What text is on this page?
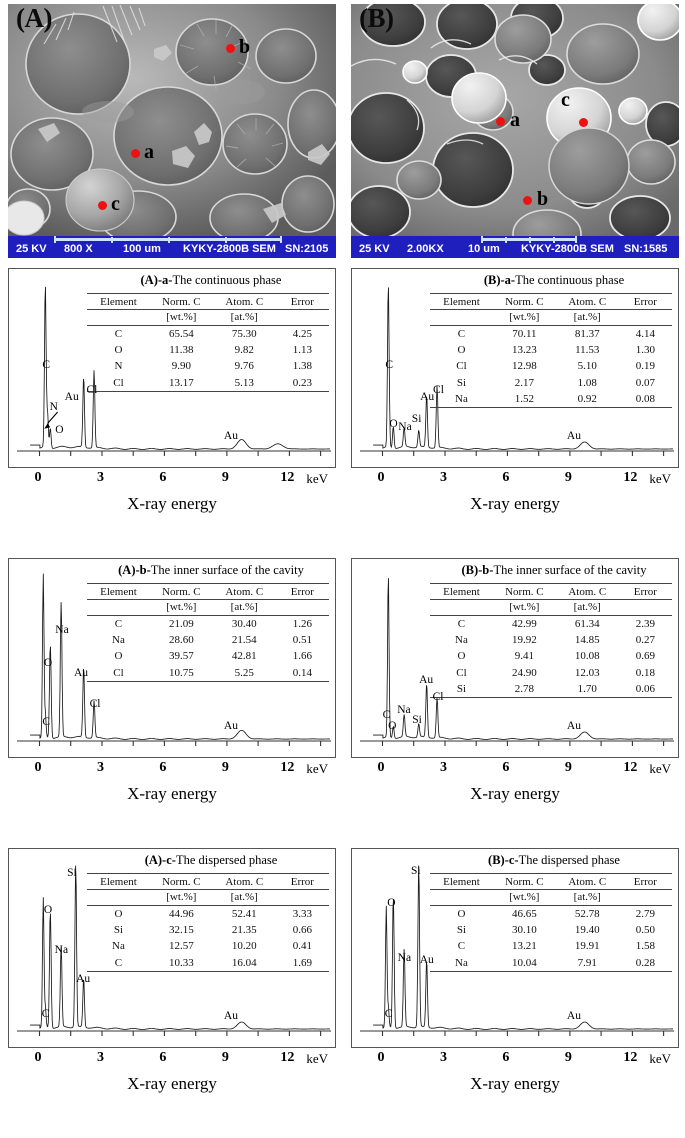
(A)
b
a
c
25 KV 800 X	100 um KYKY-2800B SEM SN:2105
(B)
a
c
b
25 KV 2.00KX 10 um KYKY-2800B SEM SN:1585
(A)-a-The continuous phase
Element	Norm. C	Atom. C	Error
	[wt.%]	[at.%]	
C	65.54	75.30	4.25
O	11.38	9.82	1.13
N	9.90	9.76	1.38
Cl	13.17	5.13	0.23
C
N
O
Au
Cl
Au
0	3	6	9	12 keV
X-ray energy
(B)-a-The continuous phase
Element	Norm. C	Atom. C	Error
	[wt.%]	[at.%]	
C	70.11	81.37	4.14
O	13.23	11.53	1.30
Cl	12.98	5.10	0.19
Si	2.17	1.08	0.07
Na	1.52	0.92	0.08
C
O Na
Si
Au
Cl
Au
0	3	6	9	12 keV
X-ray energy
(A)-b-The inner surface of the cavity
Element	Norm. C	Atom. C	Error
	[wt.%]	[at.%]	
C	21.09	30.40	1.26
Na	28.60	21.54	0.51
O	39.57	42.81	1.66
Cl	10.75	5.25	0.14
C
O
Na
Au
Cl
Au
0	3	6	9	12 keV
X-ray energy
(B)-b-The inner surface of the cavity
Element	Norm. C	Atom. C	Error
	[wt.%]	[at.%]	
C	42.99	61.34	2.39
Na	19.92	14.85	0.27
O	9.41	10.08	0.69
Cl	24.90	12.03	0.18
Si	2.78	1.70	0.06
C
O
Na
Si
Au
Cl
Au
0	3	6	9	12 keV
X-ray energy
(A)-c-The dispersed phase
Element	Norm. C	Atom. C	Error
	[wt.%]	[at.%]	
O	44.96	52.41	3.33
Si	32.15	21.35	0.66
Na	12.57	10.20	0.41
C	10.33	16.04	1.69
C
O
Na
Si
Au
Au
0	3	6	9	12 keV
X-ray energy
(B)-c-The dispersed phase
Element	Norm. C	Atom. C	Error
	[wt.%]	[at.%]	
O	46.65	52.78	2.79
Si	30.10	19.40	0.50
C	13.21	19.91	1.58
Na	10.04	7.91	0.28
C
O
Na
Si
Au
Au
0	3	6	9	12 keV
X-ray energy
